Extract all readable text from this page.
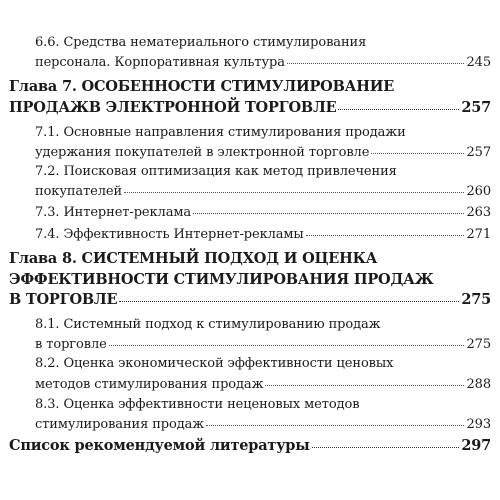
6.6. Средства нематериального стимулирования
персонала. Корпоративная культура	245
Глава 7. ОСОБЕННОСТИ СТИМУЛИРОВАНИЕ
ПРОДАЖВ ЭЛЕКТРОННОЙ ТОРГОВЛЕ	257
7.1. Основные направления стимулирования продажи
удержания покупателей в электронной торговле	257
7.2. Поисковая оптимизация как метод привлечения
покупателей	260
7.3. Интернет-реклама	263
7.4. Эффективность Интернет-рекламы	271
Глава 8. СИСТЕМНЫЙ ПОДХОД И ОЦЕНКА
ЭФФЕКТИВНОСТИ СТИМУЛИРОВАНИЯ ПРОДАЖ
В ТОРГОВЛЕ	275
8.1. Системный подход к стимулированию продаж
в торговле	275
8.2. Оценка экономической эффективности ценовых
методов стимулирования продаж	288
8.3. Оценка эффективности неценовых методов
стимулирования продаж	293
Список рекомендуемой литературы	297
